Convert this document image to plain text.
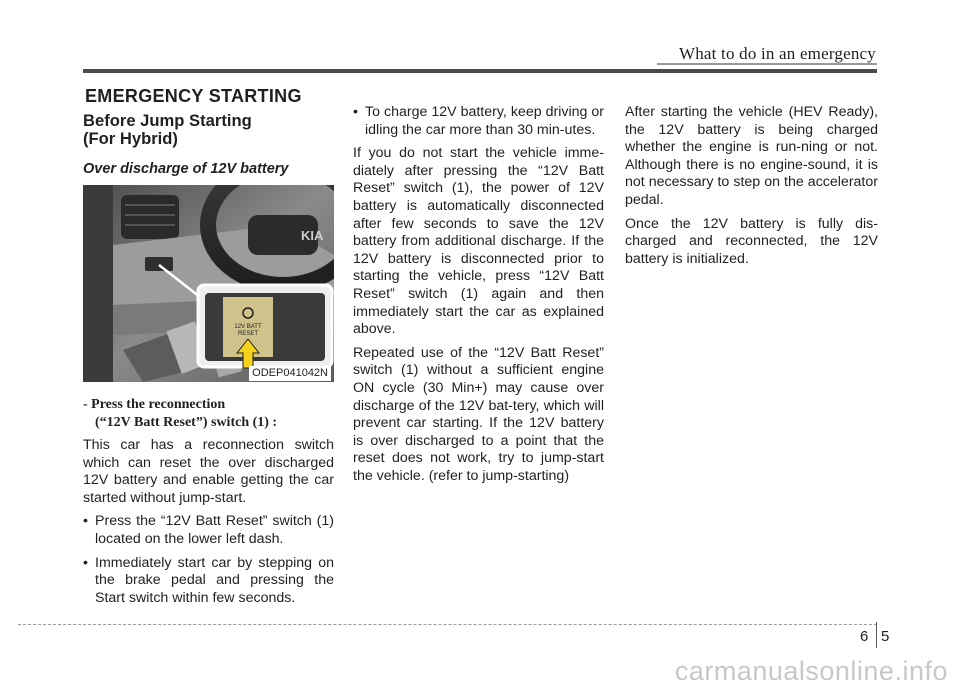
What to do in an emergency
EMERGENCY STARTING
Before Jump Starting
(For Hybrid)
Over discharge of 12V battery
KIA
12V BATT
RESET
ODEP041042N
- Press the reconnection
(“12V Batt Reset”) switch (1) :

This car has a reconnection switch which can reset the over discharged 12V battery and enable getting the car started without jump-start.

• Press the “12V Batt Reset” switch (1) located on the lower left dash.
• Immediately start car by stepping on the brake pedal and pressing the Start switch within few seconds.
• To charge 12V battery, keep driving or idling the car more than 30 min-utes.

If you do not start the vehicle imme-diately after pressing the “12V Batt Reset” switch (1), the power of 12V battery is automatically disconnected after few seconds to save the 12V battery from additional discharge. If the 12V battery is disconnected prior to starting the vehicle, press “12V Batt Reset” switch (1) again and then immediately start the car as explained above.

Repeated use of the “12V Batt Reset” switch (1) without a sufficient engine ON cycle (30 Min+) may cause over discharge of the 12V bat-tery, which will prevent car starting. If the 12V battery is over discharged to a point that the reset does not work, try to jump-start the vehicle. (refer to jump-starting)

After starting the vehicle (HEV Ready), the 12V battery is being charged whether the engine is run-ning or not. Although there is no engine-sound, it is not necessary to step on the accelerator pedal.

Once the 12V battery is fully dis-charged and reconnected, the 12V battery is initialized.

6 5
carmanualsonline.info
